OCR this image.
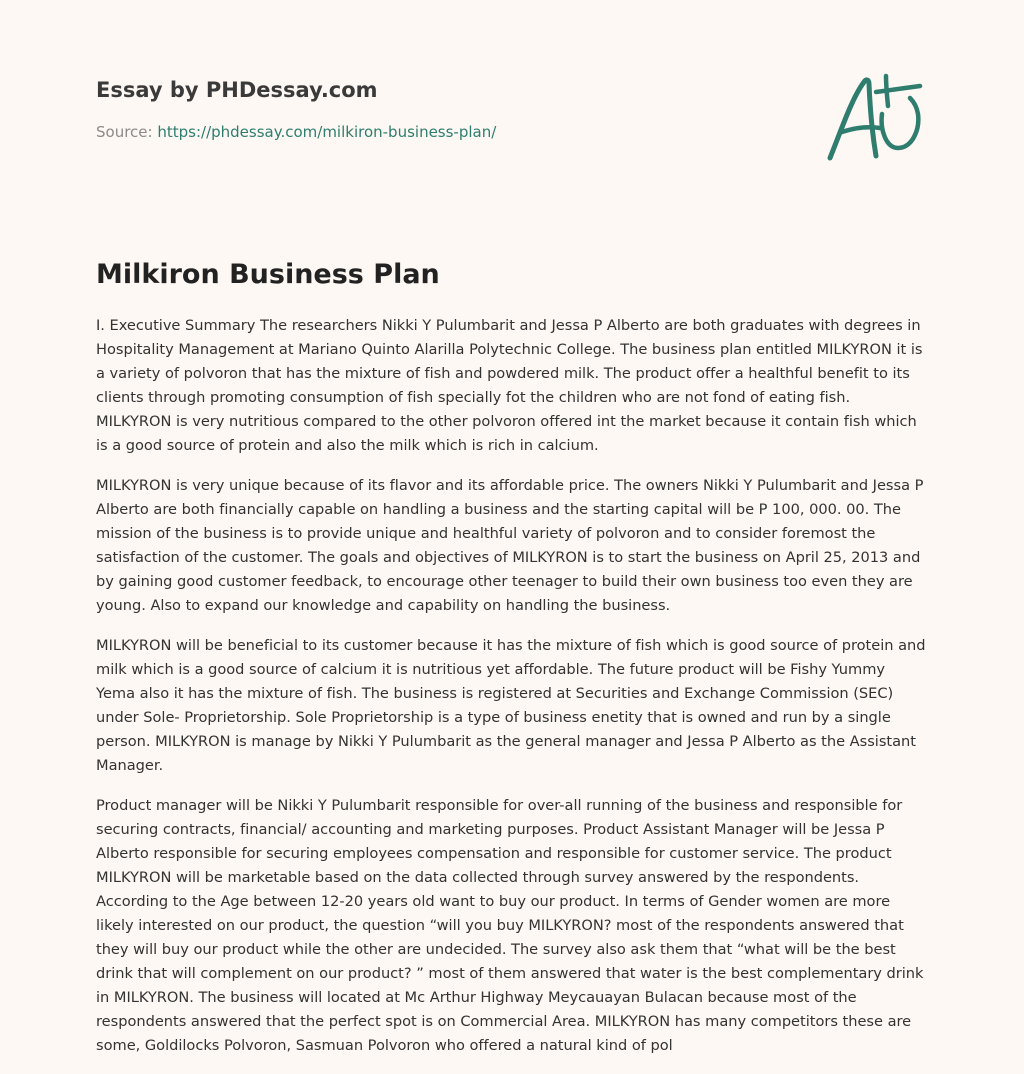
Essay by PHDessay.com
Source: https://phdessay.com/milkiron-business-plan/
Milkiron Business Plan

I. Executive Summary The researchers Nikki Y Pulumbarit and Jessa P Alberto are both graduates with degrees in Hospitality Management at Mariano Quinto Alarilla Polytechnic College. The business plan entitled MILKYRON it is a variety of polvoron that has the mixture of fish and powdered milk. The product offer a healthful benefit to its clients through promoting consumption of fish specially fot the children who are not fond of eating fish. MILKYRON is very nutritious compared to the other polvoron offered int the market because it contain fish which is a good source of protein and also the milk which is rich in calcium.

MILKYRON is very unique because of its flavor and its affordable price. The owners Nikki Y Pulumbarit and Jessa P Alberto are both financially capable on handling a business and the starting capital will be P 100, 000. 00. The mission of the business is to provide unique and healthful variety of polvoron and to consider foremost the satisfaction of the customer. The goals and objectives of MILKYRON is to start the business on April 25, 2013 and by gaining good customer feedback, to encourage other teenager to build their own business too even they are young. Also to expand our knowledge and capability on handling the business.

MILKYRON will be beneficial to its customer because it has the mixture of fish which is good source of protein and milk which is a good source of calcium it is nutritious yet affordable. The future product will be Fishy Yummy Yema also it has the mixture of fish. The business is registered at Securities and Exchange Commission (SEC) under Sole- Proprietorship. Sole Proprietorship is a type of business enetity that is owned and run by a single person. MILKYRON is manage by Nikki Y Pulumbarit as the general manager and Jessa P Alberto as the Assistant Manager.

Product manager will be Nikki Y Pulumbarit responsible for over-all running of the business and responsible for securing contracts, financial/ accounting and marketing purposes. Product Assistant Manager will be Jessa P Alberto responsible for securing employees compensation and responsible for customer service. The product MILKYRON will be marketable based on the data collected through survey answered by the respondents. According to the Age between 12-20 years old want to buy our product. In terms of Gender women are more likely interested on our product, the question “will you buy MILKYRON? most of the respondents answered that they will buy our product while the other are undecided. The survey also ask them that “what will be the best drink that will complement on our product? ” most of them answered that water is the best complementary drink in MILKYRON. The business will located at Mc Arthur Highway Meycauayan Bulacan because most of the respondents answered that the perfect spot is on Commercial Area. MILKYRON has many competitors these are some, Goldilocks Polvoron, Sasmuan Polvoron who offered a natural kind of pol
